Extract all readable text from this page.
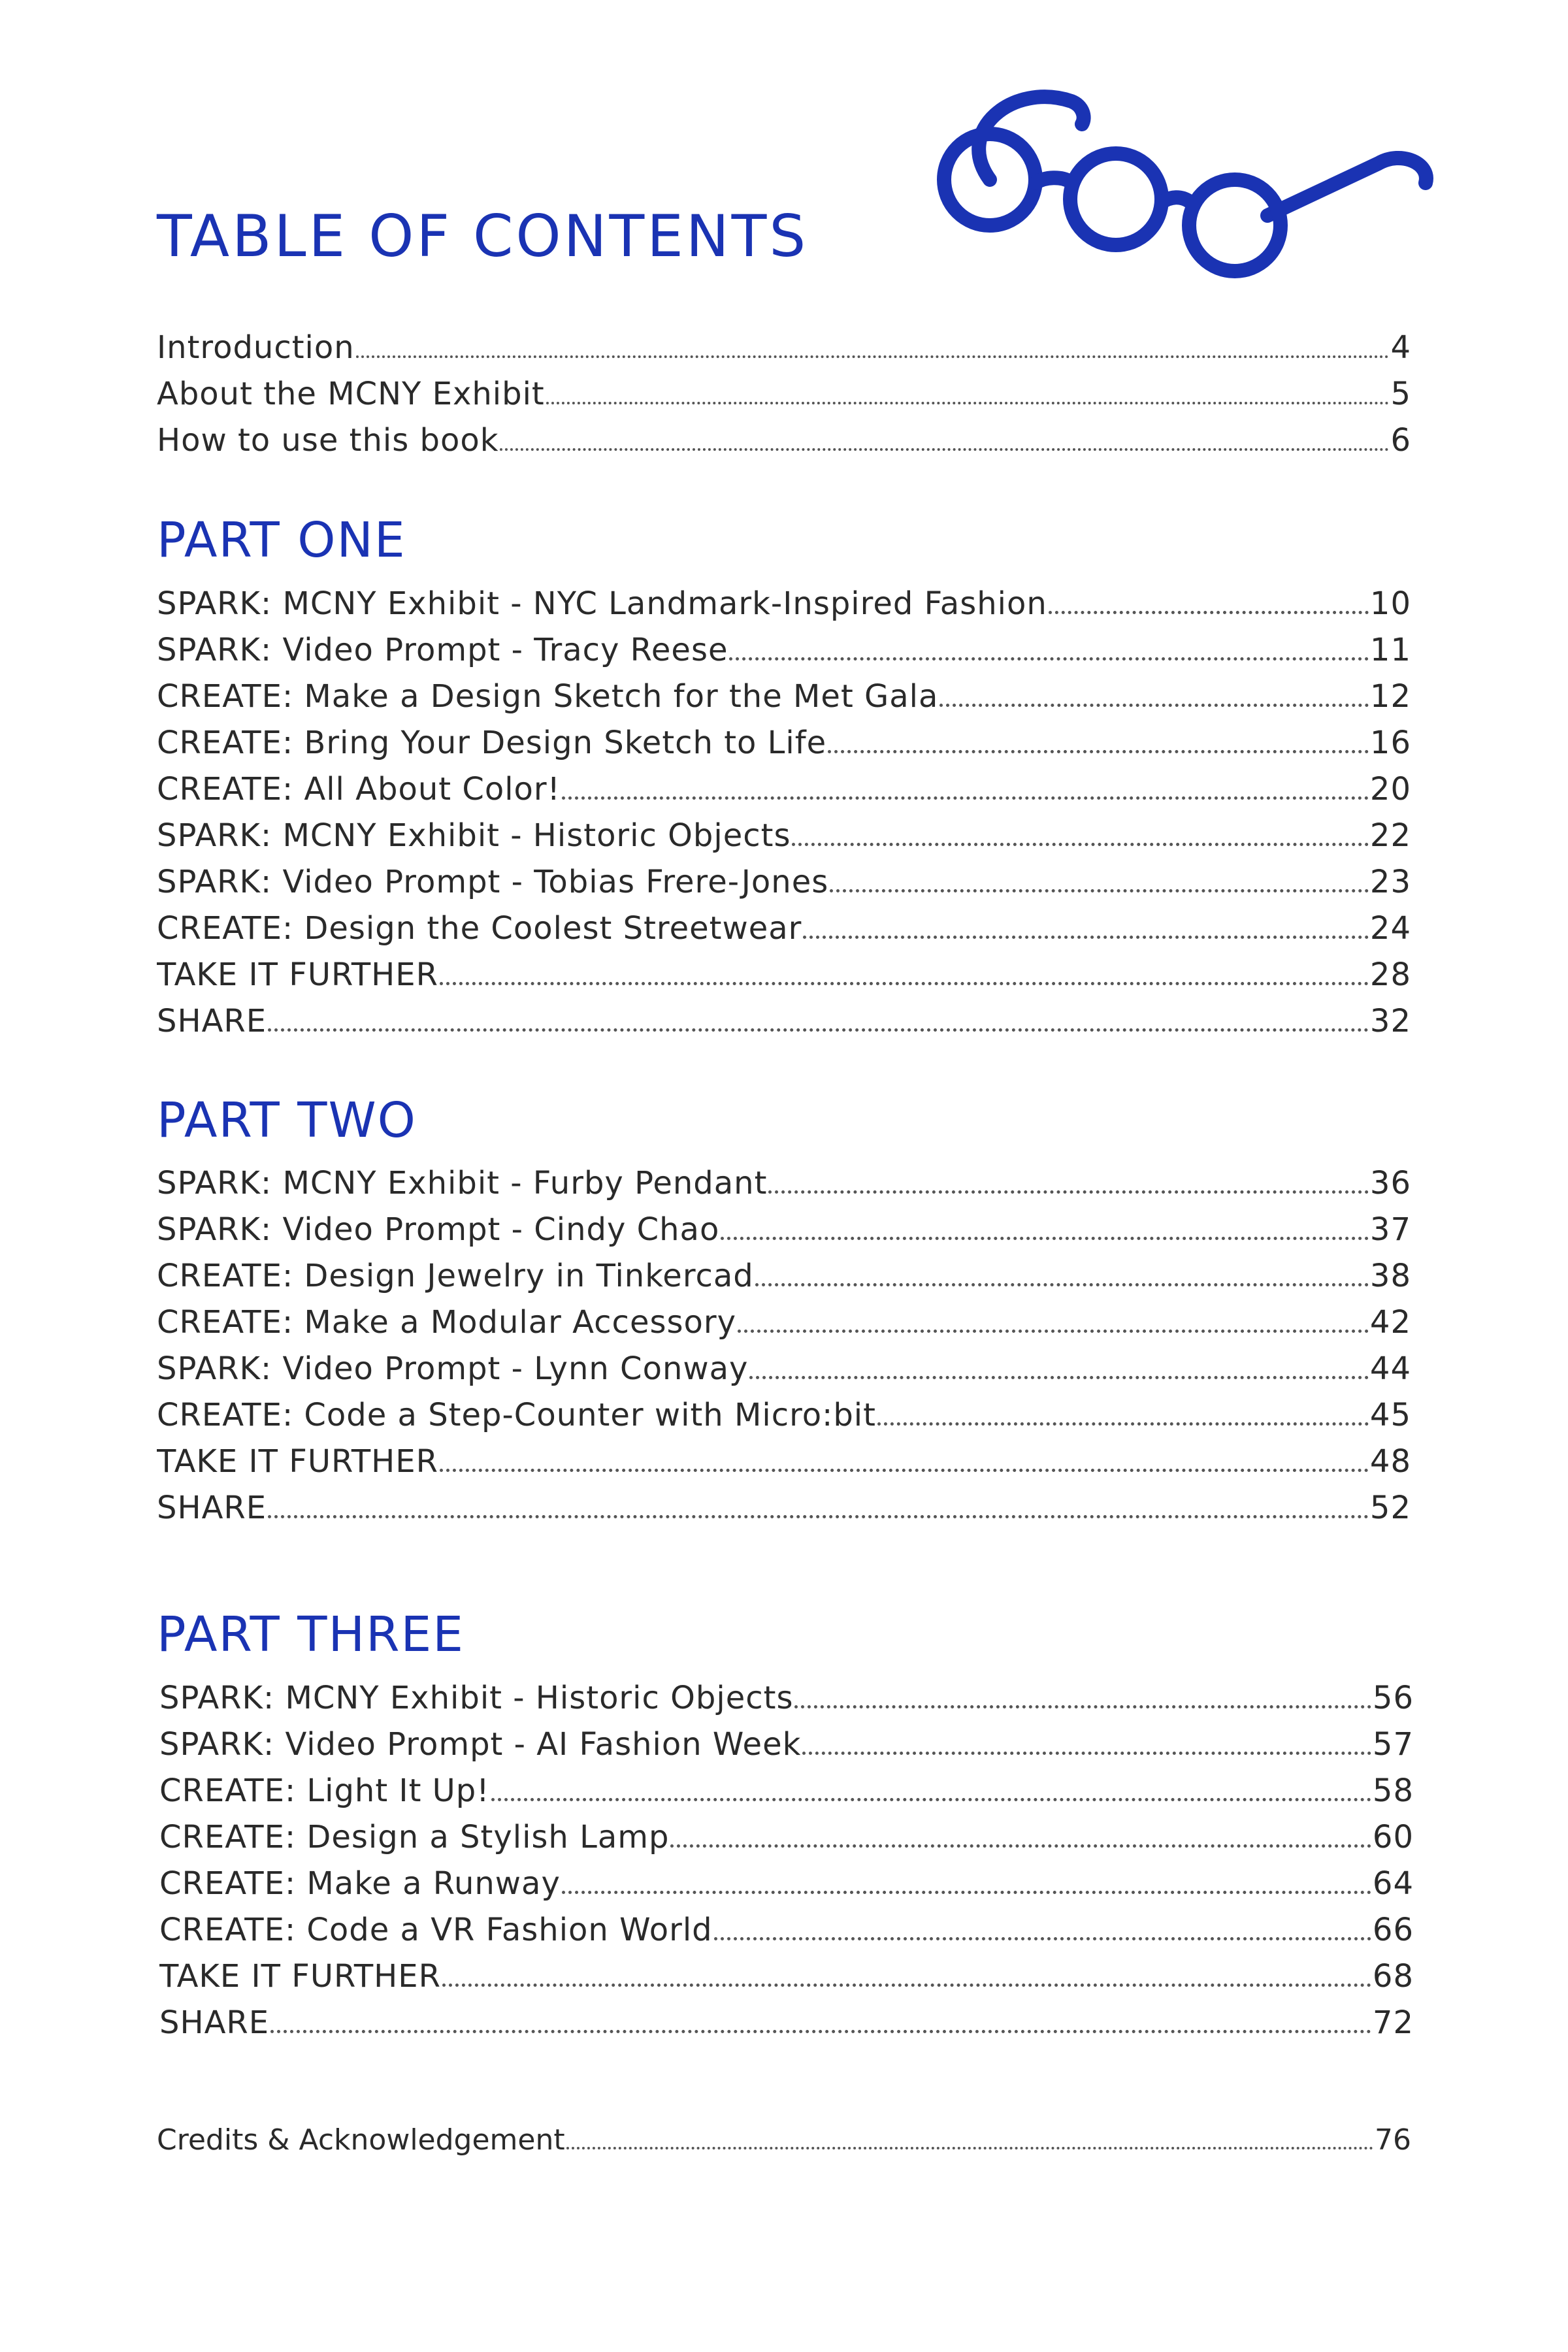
TABLE OF CONTENTS
Introduction	4
About the MCNY Exhibit	5
How to use this book	6
PART ONE
SPARK: MCNY Exhibit - NYC Landmark-Inspired Fashion	10
SPARK: Video Prompt - Tracy Reese	11
CREATE: Make a Design Sketch for the Met Gala	12
CREATE: Bring Your Design Sketch to Life	16
CREATE: All About Color!	20
SPARK: MCNY Exhibit - Historic Objects	22
SPARK: Video Prompt - Tobias Frere-Jones	23
CREATE: Design the Coolest Streetwear	24
TAKE IT FURTHER	28
SHARE	32
PART TWO
SPARK: MCNY Exhibit - Furby Pendant	36
SPARK: Video Prompt - Cindy Chao	37
CREATE: Design Jewelry in Tinkercad	38
CREATE: Make a Modular Accessory	42
SPARK: Video Prompt - Lynn Conway	44
CREATE: Code a Step-Counter with Micro:bit	45
TAKE IT FURTHER	48
SHARE	52
PART THREE
SPARK: MCNY Exhibit - Historic Objects	56
SPARK: Video Prompt - AI Fashion Week	57
CREATE: Light It Up!	58
CREATE: Design a Stylish Lamp	60
CREATE: Make a Runway	64
CREATE: Code a VR Fashion World	66
TAKE IT FURTHER	68
SHARE	72
Credits & Acknowledgement	76
